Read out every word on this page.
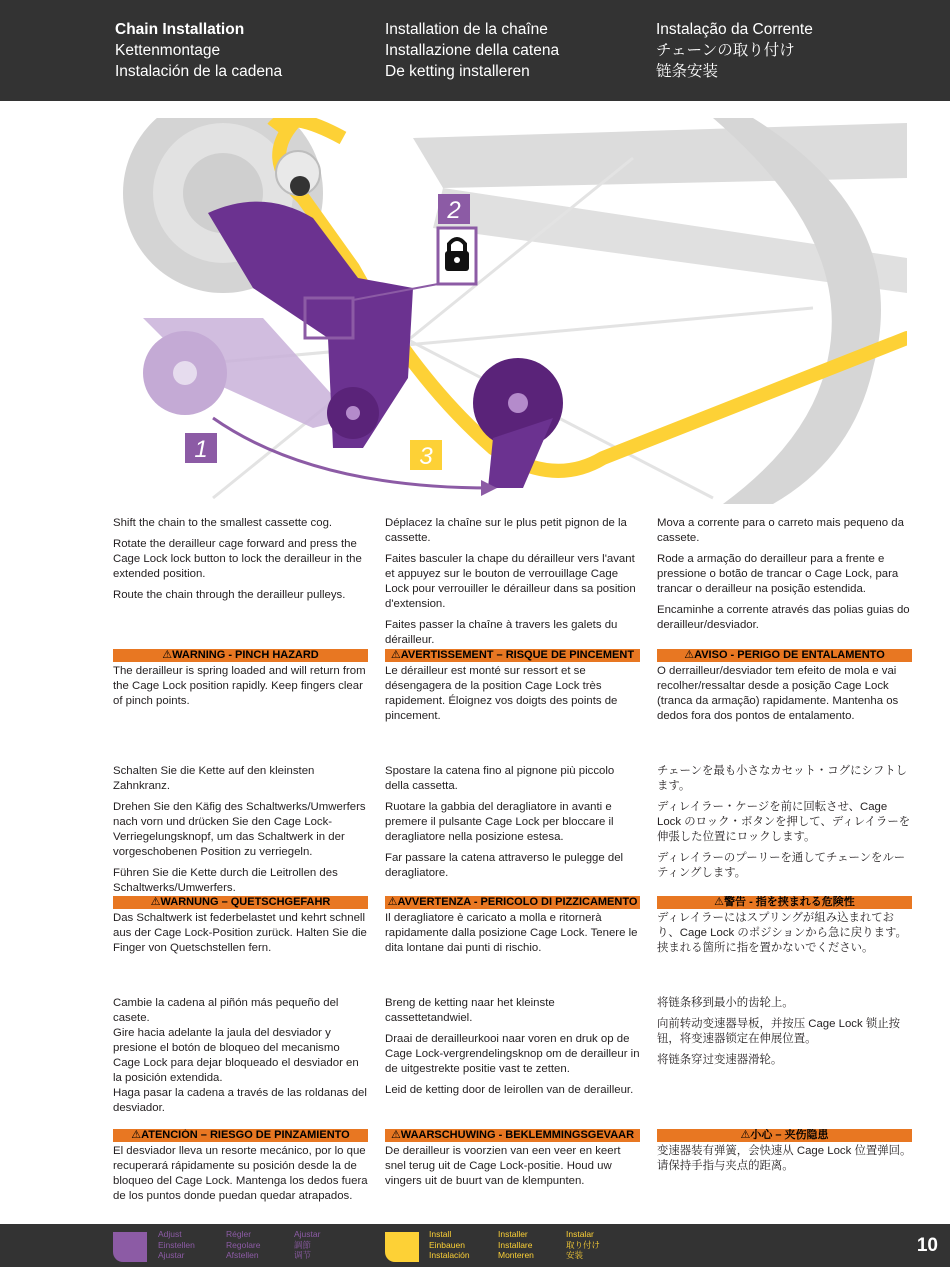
Chain Installation
Kettenmontage
Instalación de la cadena
Installation de la chaîne
Installazione della catena
De ketting installeren
Instalação da Corrente
チェーンの取り付け
链条安装
1
2
3

Shift the chain to the smallest cassette cog.

Rotate the derailleur cage forward and press the Cage Lock lock button to lock the derailleur in the extended position.

Route the chain through the derailleur pulleys.

⚠WARNING - PINCH HAZARD
The derailleur is spring loaded and will return from the Cage Lock position rapidly. Keep fingers clear of pinch points.

Déplacez la chaîne sur le plus petit pignon de la cassette.

Faites basculer la chape du dérailleur vers l'avant et appuyez sur le bouton de verrouillage Cage Lock pour verrouiller le dérailleur dans sa position d'extension.

Faites passer la chaîne à travers les galets du dérailleur.

⚠AVERTISSEMENT – RISQUE DE PINCEMENT
Le dérailleur est monté sur ressort et se désengagera de la position Cage Lock très rapidement. Éloignez vos doigts des points de pincement.

Mova a corrente para o carreto mais pequeno da cassete.

Rode a armação do derailleur para a frente e pressione o botão de trancar o Cage Lock, para trancar o derailleur na posição estendida.

Encaminhe a corrente através das polias guias do derailleur/desviador.

⚠AVISO - PERIGO DE ENTALAMENTO
O derrailleur/desviador tem efeito de mola e vai recolher/ressaltar desde a posição Cage Lock (tranca da armação) rapidamente. Mantenha os dedos fora dos pontos de entalamento.

Schalten Sie die Kette auf den kleinsten Zahnkranz.

Drehen Sie den Käfig des Schaltwerks/Umwerfers nach vorn und drücken Sie den Cage Lock-Verriegelungsknopf, um das Schaltwerk in der vorgeschobenen Position zu verriegeln.

Führen Sie die Kette durch die Leitrollen des Schaltwerks/Umwerfers.

⚠WARNUNG – QUETSCHGEFAHR
Das Schaltwerk ist federbelastet und kehrt schnell aus der Cage Lock-Position zurück. Halten Sie die Finger von Quetschstellen fern.

Spostare la catena fino al pignone più piccolo della cassetta.

Ruotare la gabbia del deragliatore in avanti e premere il pulsante Cage Lock per bloccare il deragliatore nella posizione estesa.

Far passare la catena attraverso le pulegge del deragliatore.

⚠AVVERTENZA - PERICOLO DI PIZZICAMENTO
Il deragliatore è caricato a molla e ritornerà rapidamente dalla posizione Cage Lock. Tenere le dita lontane dai punti di rischio.

チェーンを最も小さなカセット・コグにシフトします。

ディレイラー・ケージを前に回転させ、Cage Lock のロック・ボタンを押して、ディレイラーを伸張した位置にロックします。

ディレイラーのプーリーを通してチェーンをルーティングします。

⚠警告 - 指を挟まれる危険性
ディレイラーにはスプリングが組み込まれており、Cage Lock のポジションから急に戻ります。挟まれる箇所に指を置かないでください。
Cambie la cadena al piñón más pequeño del casete.
Gire hacia adelante la jaula del desviador y presione el botón de bloqueo del mecanismo Cage Lock para dejar bloqueado el desviador en la posición extendida.
Haga pasar la cadena a través de las roldanas del desviador.
⚠ATENCIÓN – RIESGO DE PINZAMIENTO
El desviador lleva un resorte mecánico, por lo que recuperará rápidamente su posición desde la de bloqueo del Cage Lock. Mantenga los dedos fuera de los puntos donde puedan quedar atrapados.

Breng de ketting naar het kleinste cassettetandwiel.

Draai de derailleurkooi naar voren en druk op de Cage Lock-vergrendelingsknop om de derailleur in de uitgestrekte positie vast te zetten.

Leid de ketting door de leirollen van de derailleur.

⚠WAARSCHUWING - BEKLEMMINGSGEVAAR
De derailleur is voorzien van een veer en keert snel terug uit de Cage Lock-positie. Houd uw vingers uit de buurt van de klempunten.

将链条移到最小的齿轮上。

向前转动变速器导板，并按压 Cage Lock 锁止按钮，将变速器锁定在伸展位置。

将链条穿过变速器滑轮。

⚠小心 – 夹伤隐患
变速器装有弹簧，会快速从 Cage Lock 位置弹回。请保持手指与夹点的距离。
Adjust
Einstellen
Ajustar
Régler
Regolare
Afstellen
Ajustar
調節
调节
Install
Einbauen
Instalación
Installer
Installare
Monteren
Instalar
取り付け
安装	10
